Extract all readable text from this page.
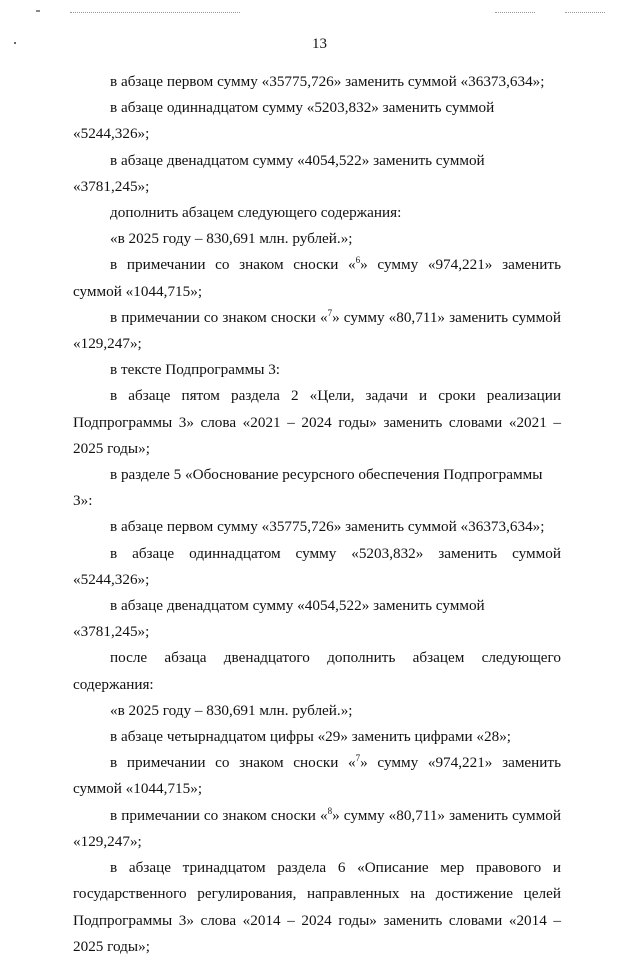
13

в абзаце первом сумму «35775,726» заменить суммой «36373,634»;

в абзаце одиннадцатом сумму «5203,832» заменить суммой «5244,326»;

в абзаце двенадцатом сумму «4054,522» заменить суммой «3781,245»;

дополнить абзацем следующего содержания:

«в 2025 году – 830,691 млн. рублей.»;

в примечании со знаком сноски «$^6$» сумму «974,221» заменить суммой «1044,715»;

в примечании со знаком сноски «$^7$» сумму «80,711» заменить суммой «129,247»;

в тексте Подпрограммы 3:

в абзаце пятом раздела 2 «Цели, задачи и сроки реализации Подпрограммы 3» слова «2021 – 2024 годы» заменить словами «2021 – 2025 годы»;

в разделе 5 «Обоснование ресурсного обеспечения Подпрограммы 3»:

в абзаце первом сумму «35775,726» заменить суммой «36373,634»;

в абзаце одиннадцатом сумму «5203,832» заменить суммой «5244,326»;

в абзаце двенадцатом сумму «4054,522» заменить суммой «3781,245»;

после абзаца двенадцатого дополнить абзацем следующего содержания:

«в 2025 году – 830,691 млн. рублей.»;

в абзаце четырнадцатом цифры «29» заменить цифрами «28»;

в примечании со знаком сноски «$^7$» сумму «974,221» заменить суммой «1044,715»;

в примечании со знаком сноски «$^8$» сумму «80,711» заменить суммой «129,247»;

в абзаце тринадцатом раздела 6 «Описание мер правового и государственного регулирования, направленных на достижение целей Подпрограммы 3» слова «2014 – 2024 годы» заменить словами «2014 – 2025 годы»;
